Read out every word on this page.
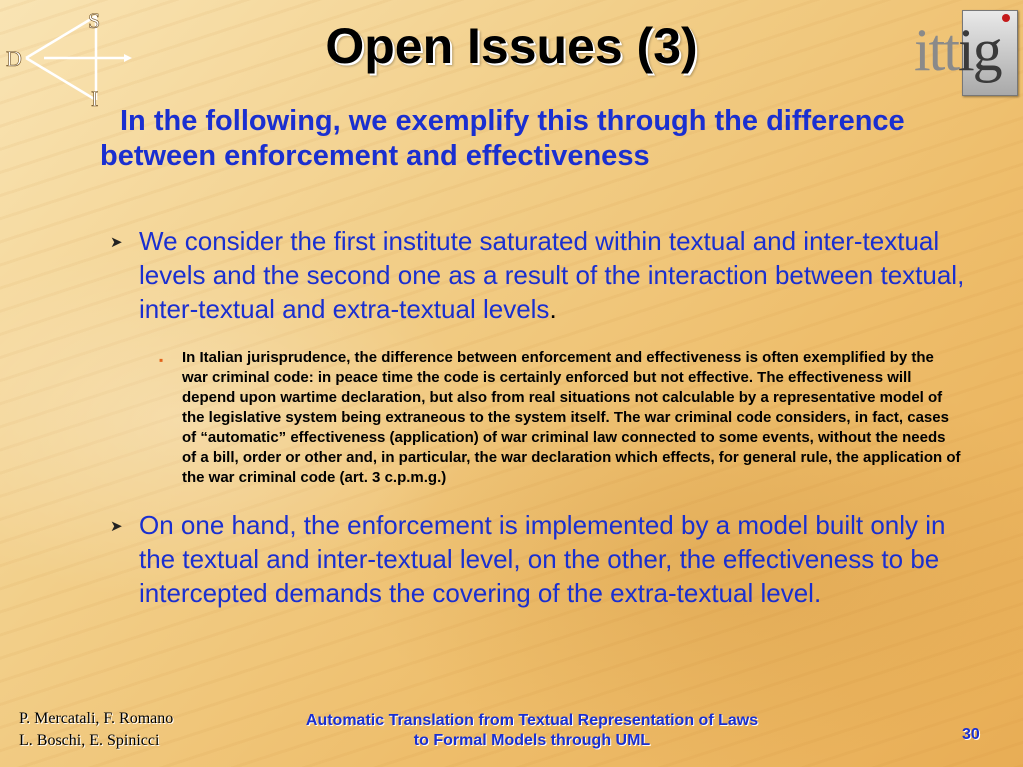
S
D
I
ittig
Open Issues (3)
In the following, we exemplify this through the difference between enforcement and effectiveness
➤ We consider the first institute saturated within textual and inter-textual levels and the second one as a result of the interaction between textual, inter-textual and extra-textual levels.
▪ In Italian jurisprudence, the difference between enforcement and effectiveness is often exemplified by the war criminal code: in peace time the code is certainly enforced but not effective. The effectiveness will depend upon wartime declaration, but also from real situations not calculable by a representative model of the legislative system being extraneous to the system itself. The war criminal code considers, in fact, cases of “automatic” effectiveness (application) of war criminal law connected to some events, without the needs of a bill, order or other and, in particular, the war declaration which effects, for general rule, the application of the war criminal code (art. 3 c.p.m.g.)
➤ On one hand, the enforcement is implemented by a model built only in the textual and inter-textual level, on the other, the effectiveness to be intercepted demands the covering of the extra-textual level.
P. Mercatali, F. Romano
L. Boschi, E. Spinicci
Automatic Translation from Textual Representation of Laws
to Formal Models through UML	30
